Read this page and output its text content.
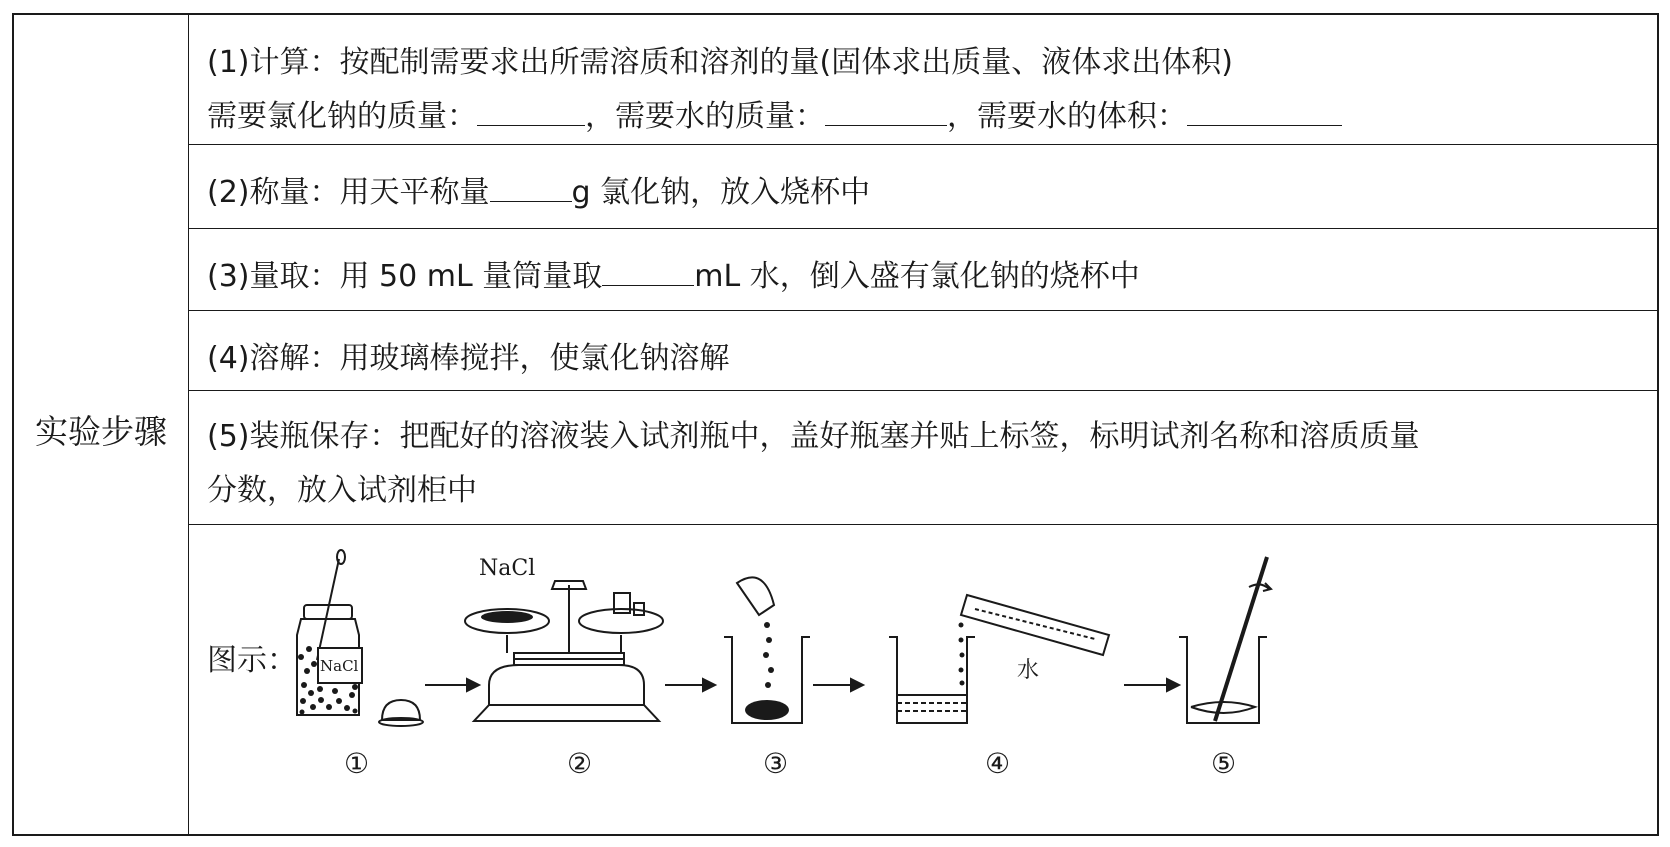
实验步骤
(1)计算：按配制需要求出所需溶质和溶剂的量(固体求出质量、液体求出体积)
需要氯化钠的质量：	，需要水的质量：	，需要水的体积：
(2)称量：用天平称量	g 氯化钠，放入烧杯中
(3)量取：用 50 mL 量筒量取	mL 水，倒入盛有氯化钠的烧杯中
(4)溶解：用玻璃棒搅拌，使氯化钠溶解
(5)装瓶保存：把配好的溶液装入试剂瓶中，盖好瓶塞并贴上标签，标明试剂名称和溶质质量
分数，放入试剂柜中
图示： NaCl
NaCl
水
①	②	③	④	⑤
